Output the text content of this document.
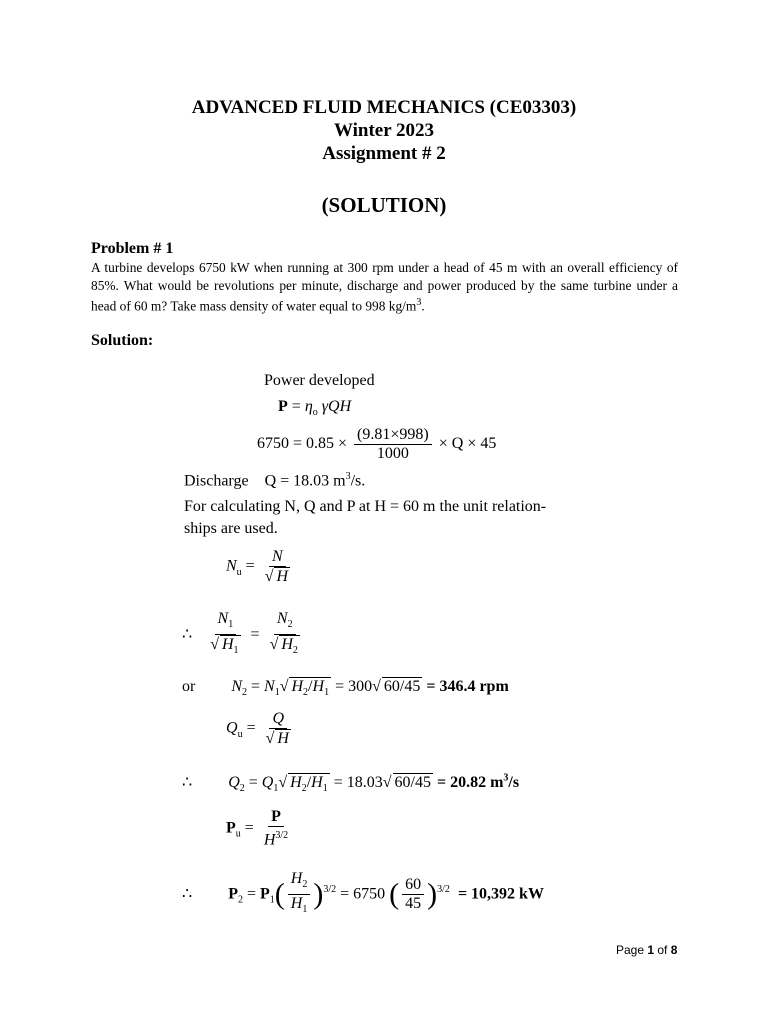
ADVANCED FLUID MECHANICS (CE03303)
Winter 2023
Assignment # 2
(SOLUTION)
Problem # 1
A turbine develops 6750 kW when running at 300 rpm under a head of 45 m with an overall efficiency of 85%. What would be revolutions per minute, discharge and power produced by the same turbine under a head of 60 m? Take mass density of water equal to 998 $kg/m^3$.
Solution:
Power developed
$P = \eta_o$ γQH
$6750 = 0.85 \times \frac{(9.81\times 998)}{1000} \times Q \times 45$
Discharge Q = 18.03 $m^3/s$.
For calculating N, Q and P at H = 60 m the unit relation-
ships are used.
$N_u = \frac{N}{√ H}$
∴ $\frac{N_1}{√ H_1} = \frac{N_2}{√ H_2}$
or $N_2 = N_1√$ $H_2/H_1 = 300√$ 60/45 = 346.4 rpm
$Q_u = \frac{Q}{√ H}$
∴ $Q_2 = Q_1√$ $H_2/H_1 = 18.03√$ 60/45 = 20.82 $m^3/s$
$P_u = \frac{P}{H^{3/2}}$
∴ $P_2 = P_1( \frac{H_2}{H_1} )^{3/2} = 6750$ ( $\frac{60}{45} )^{3/2} = 10,392$ kW
Page 1 of 8
